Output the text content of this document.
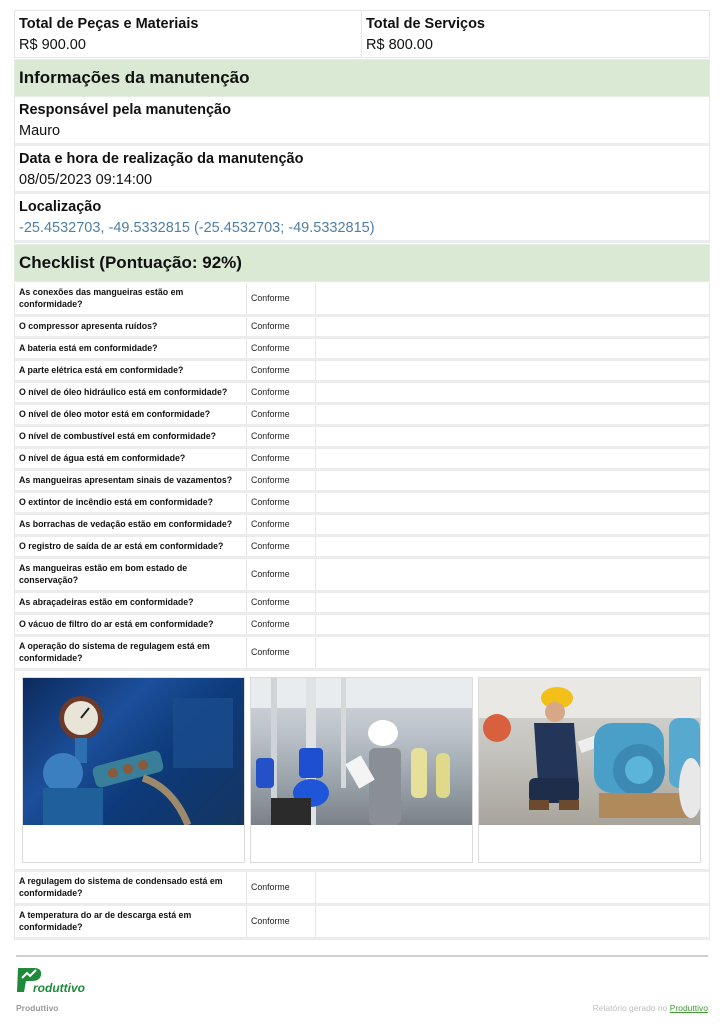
Total de Peças e Materiais
R$ 900.00
Total de Serviços
R$ 800.00
Informações da manutenção
Responsável pela manutenção
Mauro
Data e hora de realização da manutenção
08/05/2023 09:14:00
Localização
-25.4532703, -49.5332815 (-25.4532703; -49.5332815)
Checklist (Pontuação: 92%)
As conexões das mangueiras estão em conformidade?
Conforme
O compressor apresenta ruídos?	Conforme
A bateria está em conformidade?	Conforme
A parte elétrica está em conformidade?	Conforme
O nível de óleo hidráulico está em conformidade?	Conforme
O nível de óleo motor está em conformidade?	Conforme
O nível de combustível está em conformidade?	Conforme
O nível de água está em conformidade?	Conforme
As mangueiras apresentam sinais de vazamentos?	Conforme
O extintor de incêndio está em conformidade?	Conforme
As borrachas de vedação estão em conformidade?	Conforme
O registro de saída de ar está em conformidade?	Conforme
As mangueiras estão em bom estado de conservação?
Conforme
As abraçadeiras estão em conformidade?	Conforme
O vácuo de filtro do ar está em conformidade?	Conforme
A operação do sistema de regulagem está em conformidade?
Conforme
A regulagem do sistema de condensado está em conformidade?
Conforme
A temperatura do ar de descarga está em conformidade?
Conforme
roduttivo
Produttivo	Relatório gerado no Produttivo
